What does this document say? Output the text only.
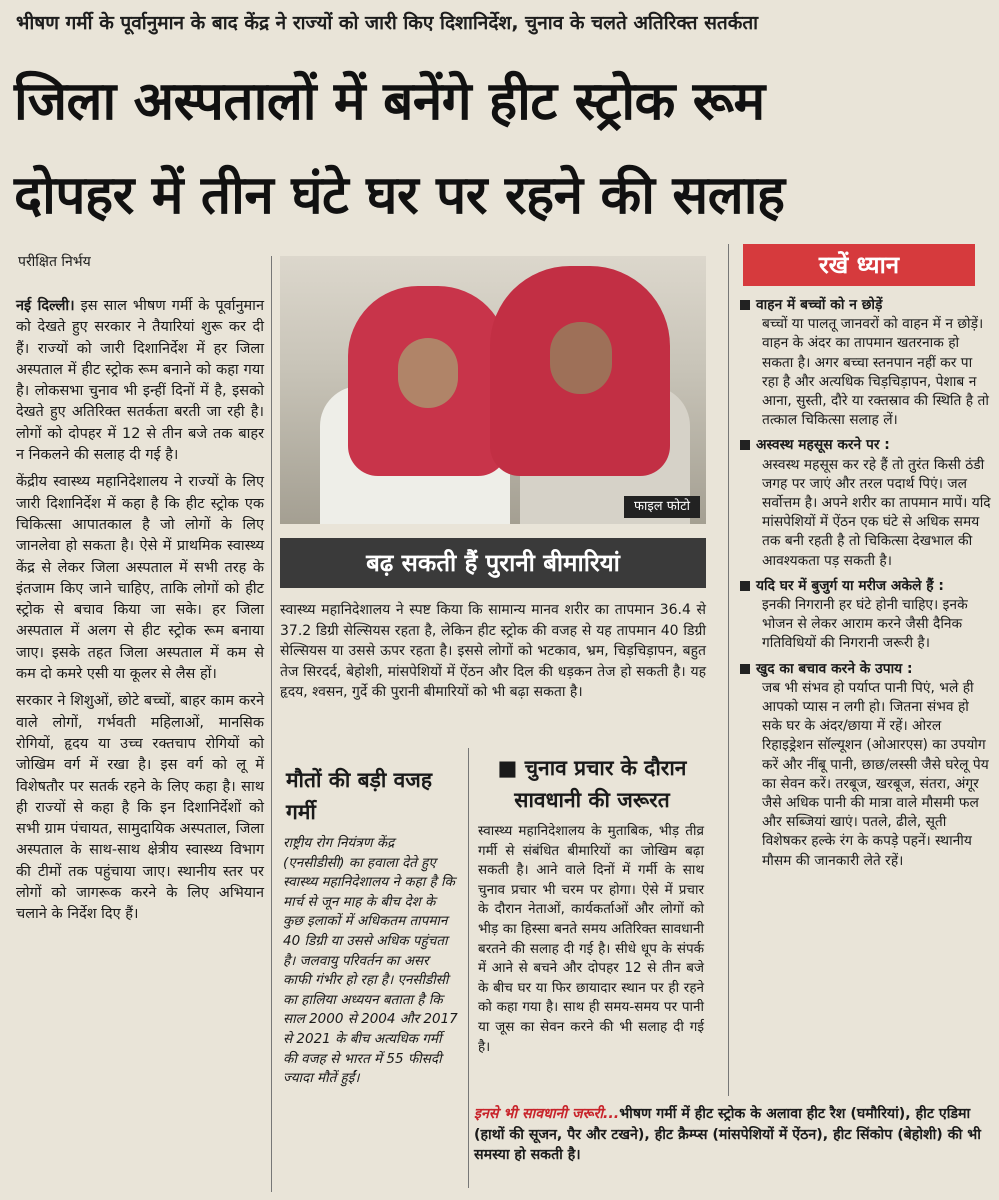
भीषण गर्मी के पूर्वानुमान के बाद केंद्र ने राज्यों को जारी किए दिशानिर्देश, चुनाव के चलते अतिरिक्त सतर्कता
जिला अस्पतालों में बनेंगे हीट स्ट्रोक रूम
दोपहर में तीन घंटे घर पर रहने की सलाह
परीक्षित निर्भय

नई दिल्ली। इस साल भीषण गर्मी के पूर्वानुमान को देखते हुए सरकार ने तैयारियां शुरू कर दी हैं। राज्यों को जारी दिशानिर्देश में हर जिला अस्पताल में हीट स्ट्रोक रूम बनाने को कहा गया है। लोकसभा चुनाव भी इन्हीं दिनों में है, इसको देखते हुए अतिरिक्त सतर्कता बरती जा रही है। लोगों को दोपहर में 12 से तीन बजे तक बाहर न निकलने की सलाह दी गई है।

केंद्रीय स्वास्थ्य महानिदेशालय ने राज्यों के लिए जारी दिशानिर्देश में कहा है कि हीट स्ट्रोक एक चिकित्सा आपातकाल है जो लोगों के लिए जानलेवा हो सकता है। ऐसे में प्राथमिक स्वास्थ्य केंद्र से लेकर जिला अस्पताल में सभी तरह के इंतजाम किए जाने चाहिए, ताकि लोगों को हीट स्ट्रोक से बचाव किया जा सके। हर जिला अस्पताल में अलग से हीट स्ट्रोक रूम बनाया जाए। इसके तहत जिला अस्पताल में कम से कम दो कमरे एसी या कूलर से लैस हों।

सरकार ने शिशुओं, छोटे बच्चों, बाहर काम करने वाले लोगों, गर्भवती महिलाओं, मानसिक रोगियों, हृदय या उच्च रक्तचाप रोगियों को जोखिम वर्ग में रखा है। इस वर्ग को लू में विशेषतौर पर सतर्क रहने के लिए कहा है। साथ ही राज्यों से कहा है कि इन दिशानिर्देशों को सभी ग्राम पंचायत, सामुदायिक अस्पताल, जिला अस्पताल के साथ-साथ क्षेत्रीय स्वास्थ्य विभाग की टीमों तक पहुंचाया जाए। स्थानीय स्तर पर लोगों को जागरूक करने के लिए अभियान चलाने के निर्देश दिए हैं।

फाइल फोटो
बढ़ सकती हैं पुरानी बीमारियां
स्वास्थ्य महानिदेशालय ने स्पष्ट किया कि सामान्य मानव शरीर का तापमान 36.4 से 37.2 डिग्री सेल्सियस रहता है, लेकिन हीट स्ट्रोक की वजह से यह तापमान 40 डिग्री सेल्सियस या उससे ऊपर रहता है। इससे लोगों को भटकाव, भ्रम, चिड़चिड़ापन, बहुत तेज सिरदर्द, बेहोशी, मांसपेशियों में ऐंठन और दिल की धड़कन तेज हो सकती है। यह हृदय, श्वसन, गुर्दे की पुरानी बीमारियों को भी बढ़ा सकता है।
मौतों की बड़ी वजह गर्मी
राष्ट्रीय रोग नियंत्रण केंद्र (एनसीडीसी) का हवाला देते हुए स्वास्थ्य महानिदेशालय ने कहा है कि मार्च से जून माह के बीच देश के कुछ इलाकों में अधिकतम तापमान 40 डिग्री या उससे अधिक पहुंचता है। जलवायु परिवर्तन का असर काफी गंभीर हो रहा है। एनसीडीसी का हालिया अध्ययन बताता है कि साल 2000 से 2004 और 2017 से 2021 के बीच अत्यधिक गर्मी की वजह से भारत में 55 फीसदी ज्यादा मौतें हुईं।
■ चुनाव प्रचार के दौरान सावधानी की जरूरत
स्वास्थ्य महानिदेशालय के मुताबिक, भीड़ तीव्र गर्मी से संबंधित बीमारियों का जोखिम बढ़ा सकती है। आने वाले दिनों में गर्मी के साथ चुनाव प्रचार भी चरम पर होगा। ऐसे में प्रचार के दौरान नेताओं, कार्यकर्ताओं और लोगों को भीड़ का हिस्सा बनते समय अतिरिक्त सावधानी बरतने की सलाह दी गई है। सीधे धूप के संपर्क में आने से बचने और दोपहर 12 से तीन बजे के बीच घर या फिर छायादार स्थान पर ही रहने को कहा गया है। साथ ही समय-समय पर पानी या जूस का सेवन करने की भी सलाह दी गई है।
रखें ध्यान
वाहन में बच्चों को न छोड़ें
बच्चों या पालतू जानवरों को वाहन में न छोड़ें। वाहन के अंदर का तापमान खतरनाक हो सकता है। अगर बच्चा स्तनपान नहीं कर पा रहा है और अत्यधिक चिड़चिड़ापन, पेशाब न आना, सुस्ती, दौरे या रक्तस्राव की स्थिति है तो तत्काल चिकित्सा सलाह लें।
अस्वस्थ महसूस करने पर :
अस्वस्थ महसूस कर रहे हैं तो तुरंत किसी ठंडी जगह पर जाएं और तरल पदार्थ पिएं। जल सर्वोत्तम है। अपने शरीर का तापमान मापें। यदि मांसपेशियों में ऐंठन एक घंटे से अधिक समय तक बनी रहती है तो चिकित्सा देखभाल की आवश्यकता पड़ सकती है।
यदि घर में बुजुर्ग या मरीज अकेले हैं :
इनकी निगरानी हर घंटे होनी चाहिए। इनके भोजन से लेकर आराम करने जैसी दैनिक गतिविधियों की निगरानी जरूरी है।
खुद का बचाव करने के उपाय :
जब भी संभव हो पर्याप्त पानी पिएं, भले ही आपको प्यास न लगी हो। जितना संभव हो सके घर के अंदर/छाया में रहें। ओरल रिहाइड्रेशन सॉल्यूशन (ओआरएस) का उपयोग करें और नींबू पानी, छाछ/लस्सी जैसे घरेलू पेय का सेवन करें। तरबूज, खरबूज, संतरा, अंगूर जैसे अधिक पानी की मात्रा वाले मौसमी फल और सब्जियां खाएं। पतले, ढीले, सूती विशेषकर हल्के रंग के कपड़े पहनें। स्थानीय मौसम की जानकारी लेते रहें।
इनसे भी सावधानी जरूरी...भीषण गर्मी में हीट स्ट्रोक के अलावा हीट रैश (घमौरियां), हीट एडिमा (हाथों की सूजन, पैर और टखने), हीट क्रैम्प्स (मांसपेशियों में ऐंठन), हीट सिंकोप (बेहोशी) की भी समस्या हो सकती है।
